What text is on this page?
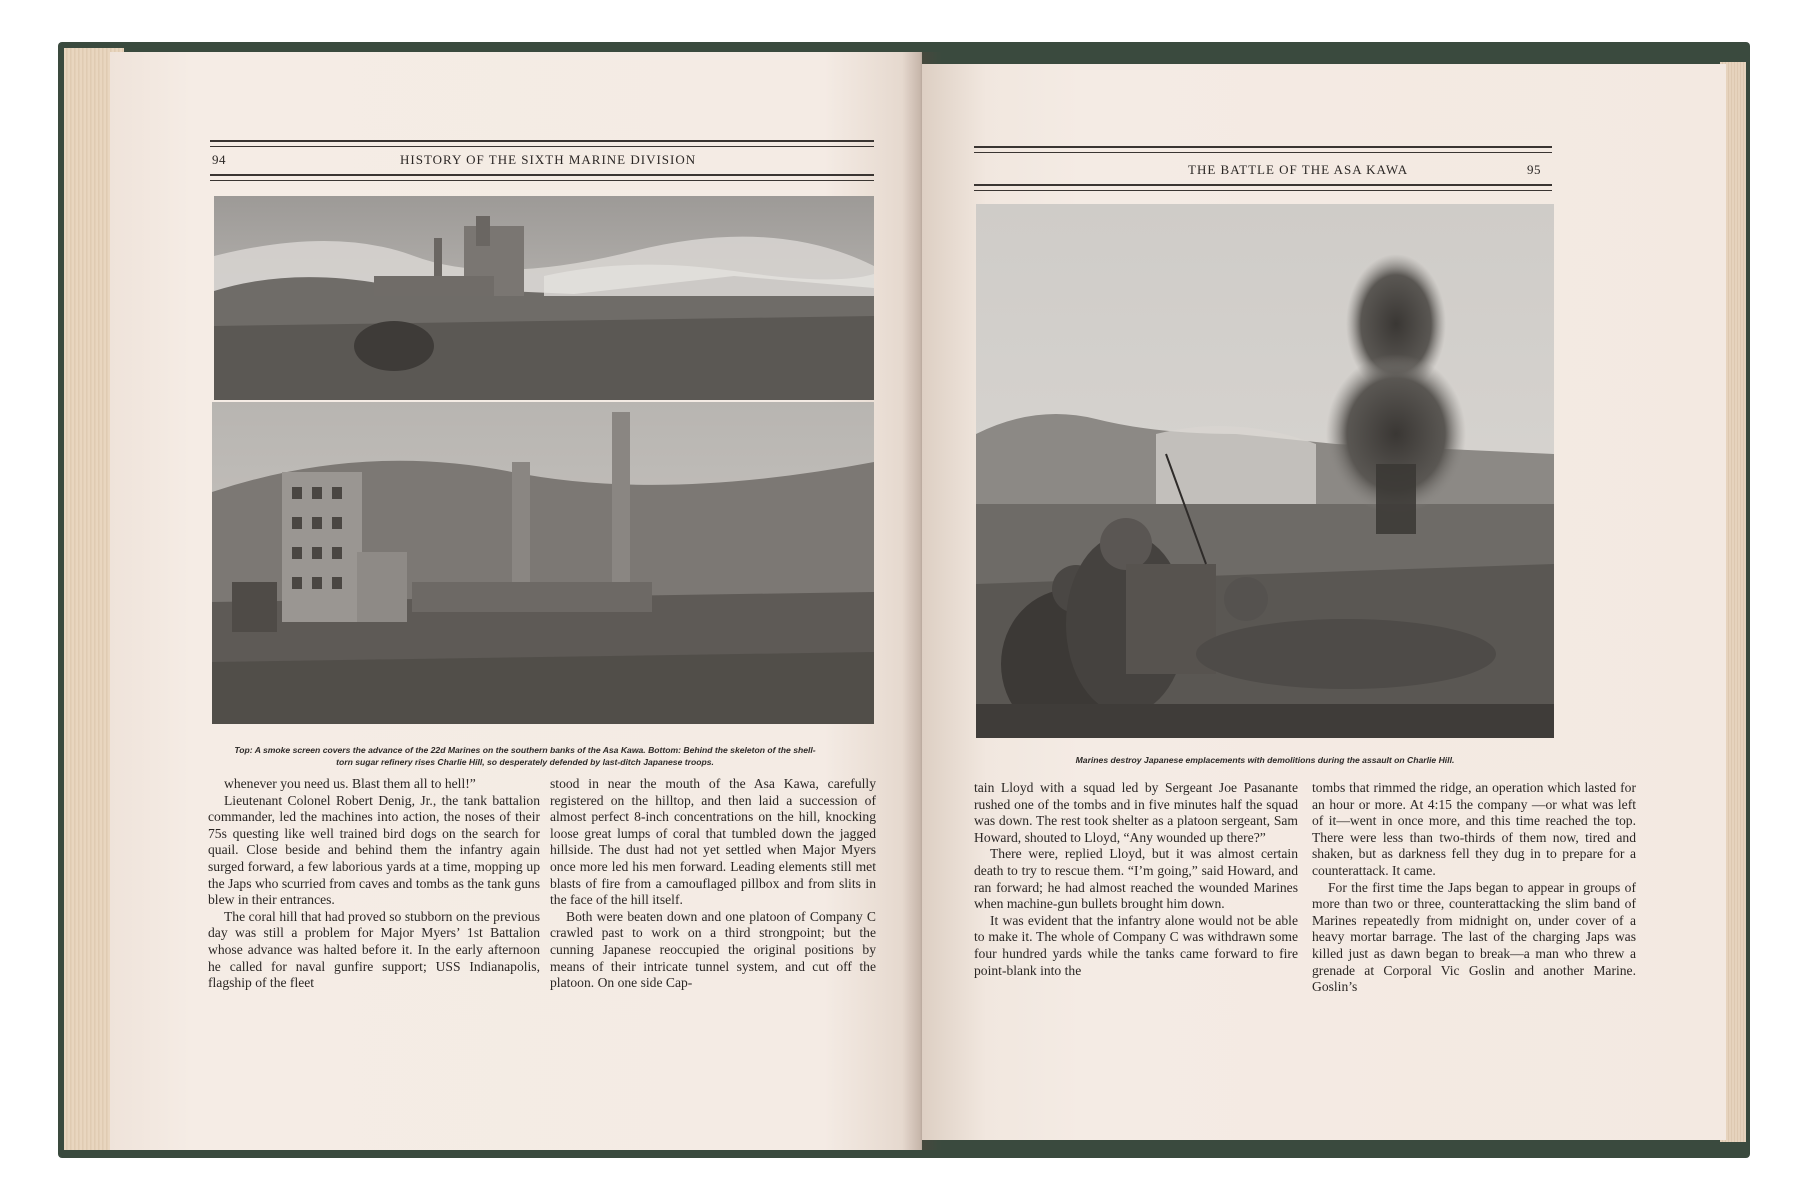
94	HISTORY OF THE SIXTH MARINE DIVISION
Top: A smoke screen covers the advance of the 22d Marines on the southern banks of the Asa Kawa. Bottom: Behind the skeleton of the shell-
torn sugar refinery rises Charlie Hill, so desperately defended by last-ditch Japanese troops.

whenever you need us. Blast them all to hell!”

Lieutenant Colonel Robert Denig, Jr., the tank battalion commander, led the machines into action, the noses of their 75s questing like well trained bird dogs on the search for quail. Close beside and behind them the infantry again surged forward, a few laborious yards at a time, mopping up the Japs who scurried from caves and tombs as the tank guns blew in their entrances.

The coral hill that had proved so stubborn on the previous day was still a problem for Major Myers’ 1st Battalion whose advance was halted before it. In the early afternoon he called for naval gunfire support; USS Indianapolis, flagship of the fleet

stood in near the mouth of the Asa Kawa, carefully registered on the hilltop, and then laid a succession of almost perfect 8-inch concentrations on the hill, knocking loose great lumps of coral that tumbled down the jagged hillside. The dust had not yet settled when Major Myers once more led his men forward. Leading elements still met blasts of fire from a camouflaged pillbox and from slits in the face of the hill itself.

Both were beaten down and one platoon of Company C crawled past to work on a third strongpoint; but the cunning Japanese reoccupied the original positions by means of their intricate tunnel system, and cut off the platoon. On one side Cap-

THE BATTLE OF THE ASA KAWA	95
Marines destroy Japanese emplacements with demolitions during the assault on Charlie Hill.

tain Lloyd with a squad led by Sergeant Joe Pasanante rushed one of the tombs and in five minutes half the squad was down. The rest took shelter as a platoon sergeant, Sam Howard, shouted to Lloyd, “Any wounded up there?”

There were, replied Lloyd, but it was almost certain death to try to rescue them. “I’m going,” said Howard, and ran forward; he had almost reached the wounded Marines when machine-gun bullets brought him down.

It was evident that the infantry alone would not be able to make it. The whole of Company C was withdrawn some four hundred yards while the tanks came forward to fire point-blank into the

tombs that rimmed the ridge, an operation which lasted for an hour or more. At 4:15 the company —or what was left of it—went in once more, and this time reached the top. There were less than two-thirds of them now, tired and shaken, but as darkness fell they dug in to prepare for a counterattack. It came.

For the first time the Japs began to appear in groups of more than two or three, counterattacking the slim band of Marines repeatedly from midnight on, under cover of a heavy mortar barrage. The last of the charging Japs was killed just as dawn began to break—a man who threw a grenade at Corporal Vic Goslin and another Marine. Goslin’s
